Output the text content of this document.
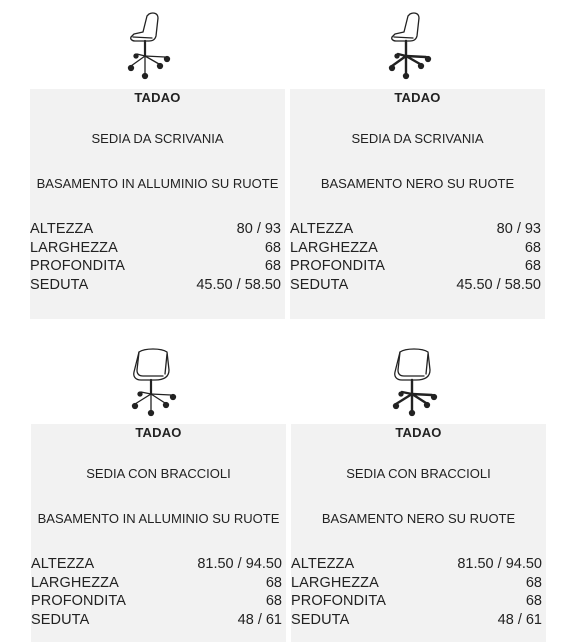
TADAO
SEDIA DA SCRIVANIA
BASAMENTO IN ALLUMINIO SU RUOTE
ALTEZZA	80 / 93
LARGHEZZA	68
PROFONDITA	68
SEDUTA	45.50 / 58.50
TADAO
SEDIA DA SCRIVANIA
BASAMENTO NERO SU RUOTE
ALTEZZA	80 / 93
LARGHEZZA	68
PROFONDITA	68
SEDUTA	45.50 / 58.50
TADAO
SEDIA CON BRACCIOLI
BASAMENTO IN ALLUMINIO SU RUOTE
ALTEZZA	81.50 / 94.50
LARGHEZZA	68
PROFONDITA	68
SEDUTA	48 / 61
TADAO
SEDIA CON BRACCIOLI
BASAMENTO NERO SU RUOTE
ALTEZZA	81.50 / 94.50
LARGHEZZA	68
PROFONDITA	68
SEDUTA	48 / 61
